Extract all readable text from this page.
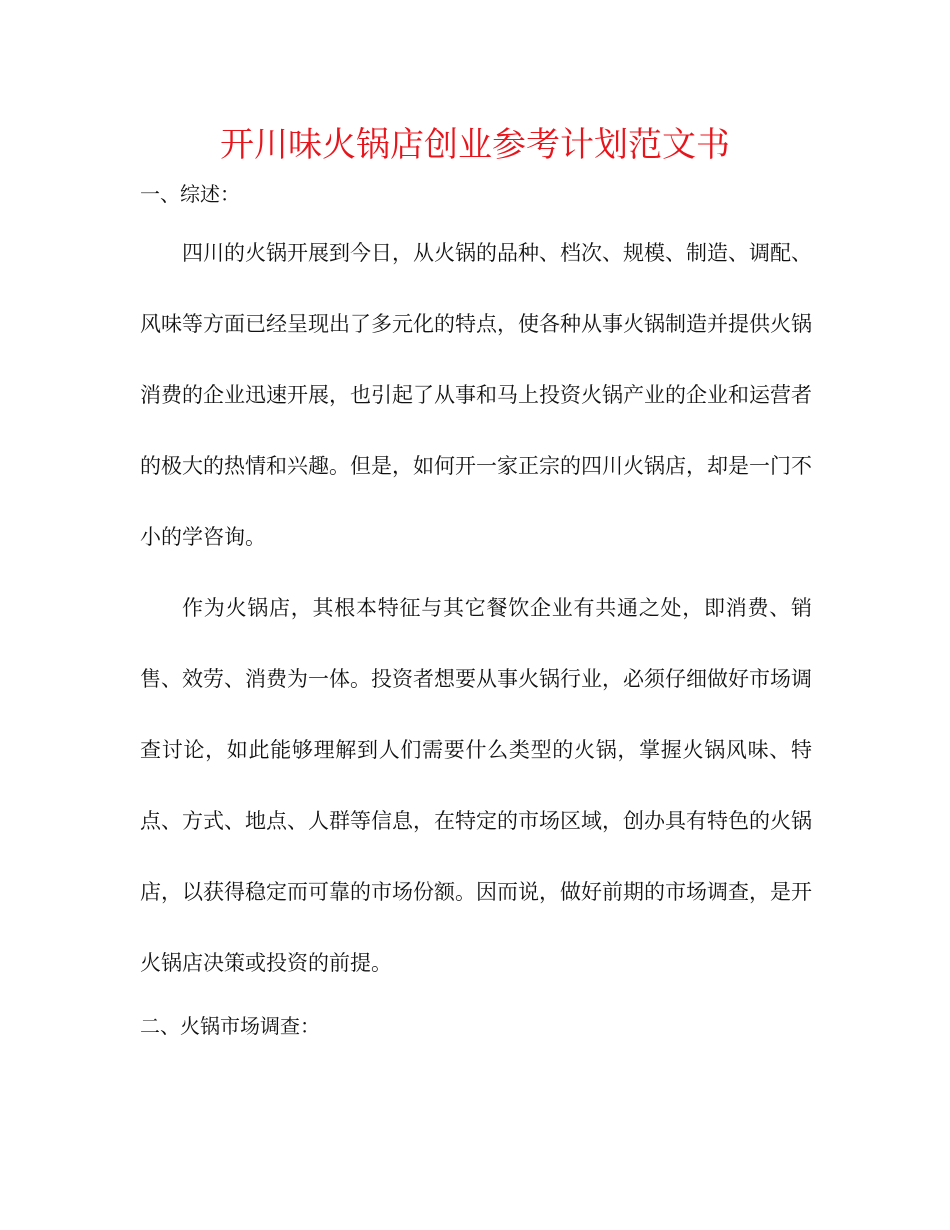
开川味火锅店创业参考计划范文书

一、综述：

四川的火锅开展到今日，从火锅的品种、档次、规模、制造、调配、风味等方面已经呈现出了多元化的特点，使各种从事火锅制造并提供火锅消费的企业迅速开展，也引起了从事和马上投资火锅产业的企业和运营者的极大的热情和兴趣。但是，如何开一家正宗的四川火锅店，却是一门不小的学咨询。

作为火锅店，其根本特征与其它餐饮企业有共通之处，即消费、销售、效劳、消费为一体。投资者想要从事火锅行业，必须仔细做好市场调查讨论，如此能够理解到人们需要什么类型的火锅，掌握火锅风味、特点、方式、地点、人群等信息，在特定的市场区域，创办具有特色的火锅店，以获得稳定而可靠的市场份额。因而说，做好前期的市场调查，是开火锅店决策或投资的前提。

二、火锅市场调查：
